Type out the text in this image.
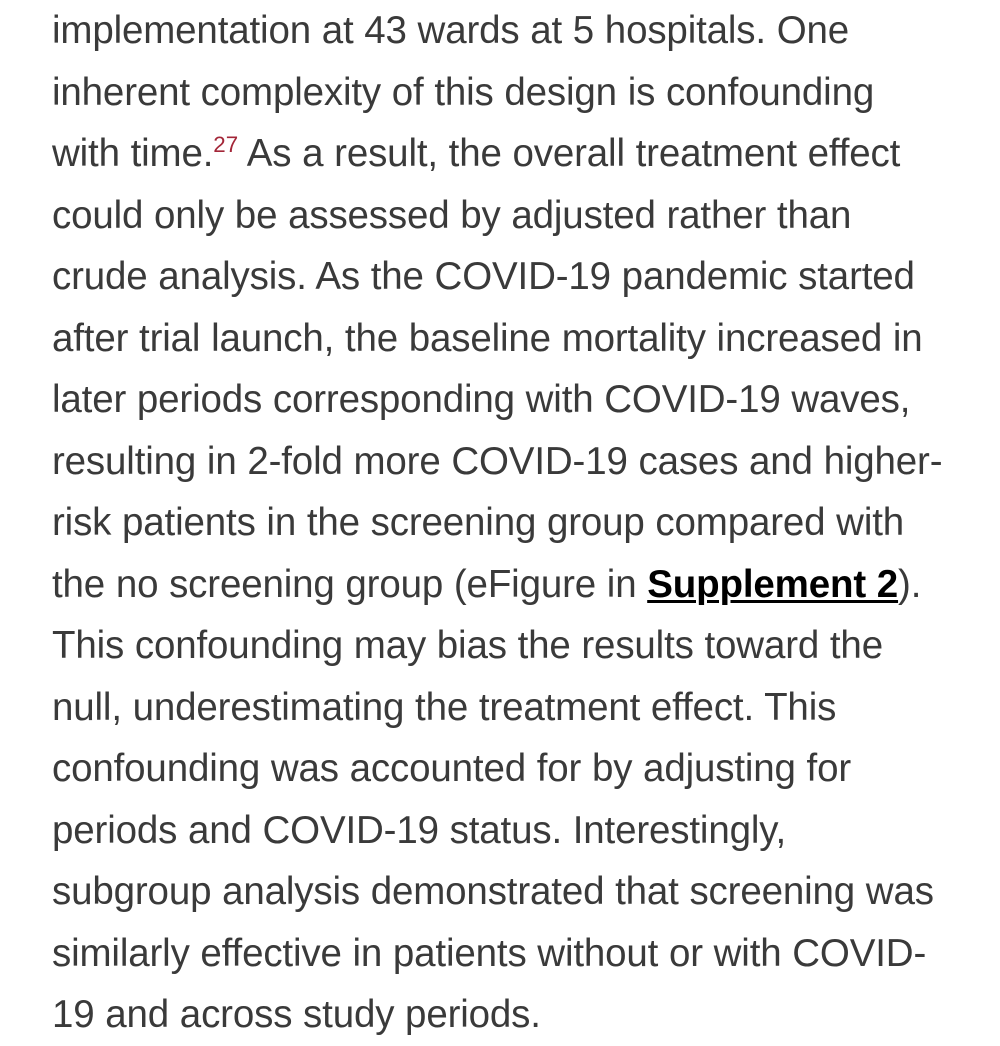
implementation at 43 wards at 5 hospitals. One inherent complexity of this design is confounding with time.$^{27}$ As a result, the overall treatment effect could only be assessed by adjusted rather than crude analysis. As the COVID-19 pandemic started after trial launch, the baseline mortality increased in later periods corresponding with COVID-19 waves, resulting in 2-fold more COVID-19 cases and higher-risk patients in the screening group compared with the no screening group (eFigure in Supplement 2). This confounding may bias the results toward the null, underestimating the treatment effect. This confounding was accounted for by adjusting for periods and COVID-19 status. Interestingly, subgroup analysis demonstrated that screening was similarly effective in patients without or with COVID-19 and across study periods.
